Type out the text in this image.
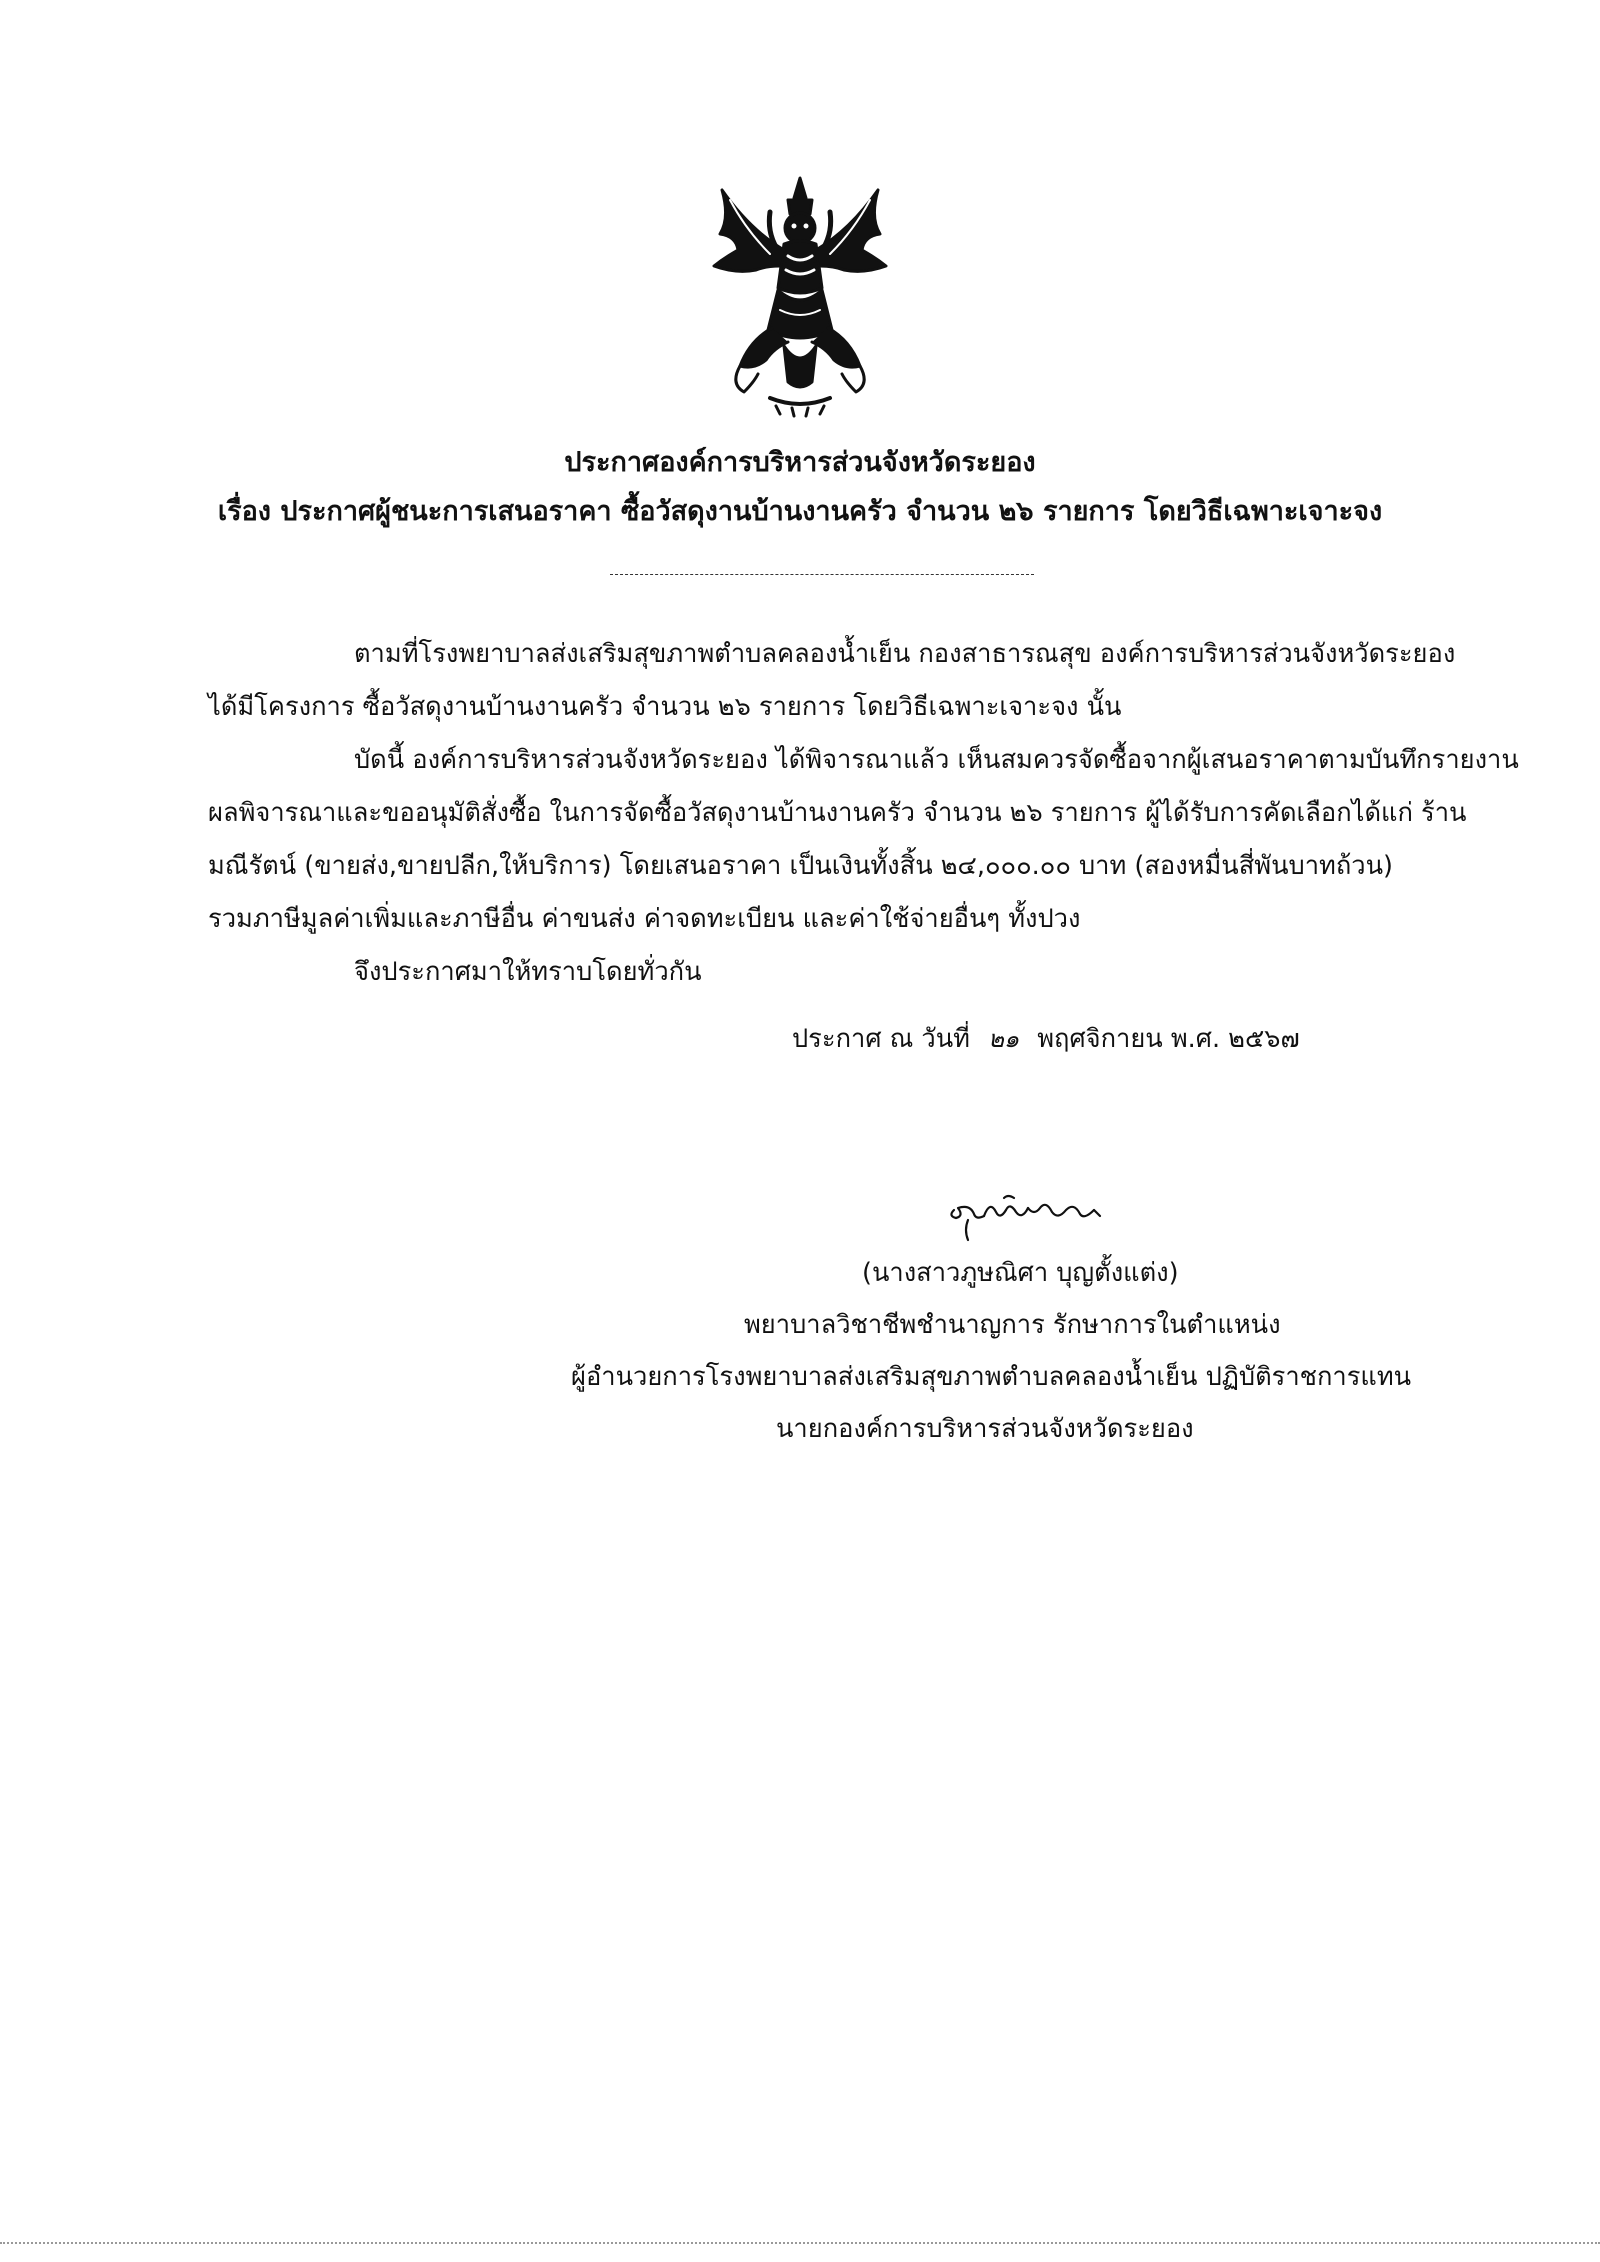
ประกาศองค์การบริหารส่วนจังหวัดระยอง
เรื่อง ประกาศผู้ชนะการเสนอราคา ซื้อวัสดุงานบ้านงานครัว จำนวน ๒๖ รายการ โดยวิธีเฉพาะเจาะจง
ตามที่โรงพยาบาลส่งเสริมสุขภาพตำบลคลองน้ำเย็น กองสาธารณสุข องค์การบริหารส่วนจังหวัดระยอง
ได้มีโครงการ ซื้อวัสดุงานบ้านงานครัว จำนวน ๒๖ รายการ โดยวิธีเฉพาะเจาะจง นั้น
บัดนี้ องค์การบริหารส่วนจังหวัดระยอง ได้พิจารณาแล้ว เห็นสมควรจัดซื้อจากผู้เสนอราคาตามบันทึกรายงาน
ผลพิจารณาและขออนุมัติสั่งซื้อ ในการจัดซื้อวัสดุงานบ้านงานครัว จำนวน ๒๖ รายการ ผู้ได้รับการคัดเลือกได้แก่ ร้าน
มณีรัตน์ (ขายส่ง,ขายปลีก,ให้บริการ) โดยเสนอราคา เป็นเงินทั้งสิ้น ๒๔,๐๐๐.๐๐ บาท (สองหมื่นสี่พันบาทถ้วน)
รวมภาษีมูลค่าเพิ่มและภาษีอื่น ค่าขนส่ง ค่าจดทะเบียน และค่าใช้จ่ายอื่นๆ ทั้งปวง
จึงประกาศมาให้ทราบโดยทั่วกัน
ประกาศ ณ วันที่ ๒๑ พฤศจิกายน พ.ศ. ๒๕๖๗
(นางสาวภูษณิศา บุญตั้งแต่ง)
พยาบาลวิชาชีพชำนาญการ รักษาการในตำแหน่ง
ผู้อำนวยการโรงพยาบาลส่งเสริมสุขภาพตำบลคลองน้ำเย็น ปฏิบัติราชการแทน
นายกองค์การบริหารส่วนจังหวัดระยอง
